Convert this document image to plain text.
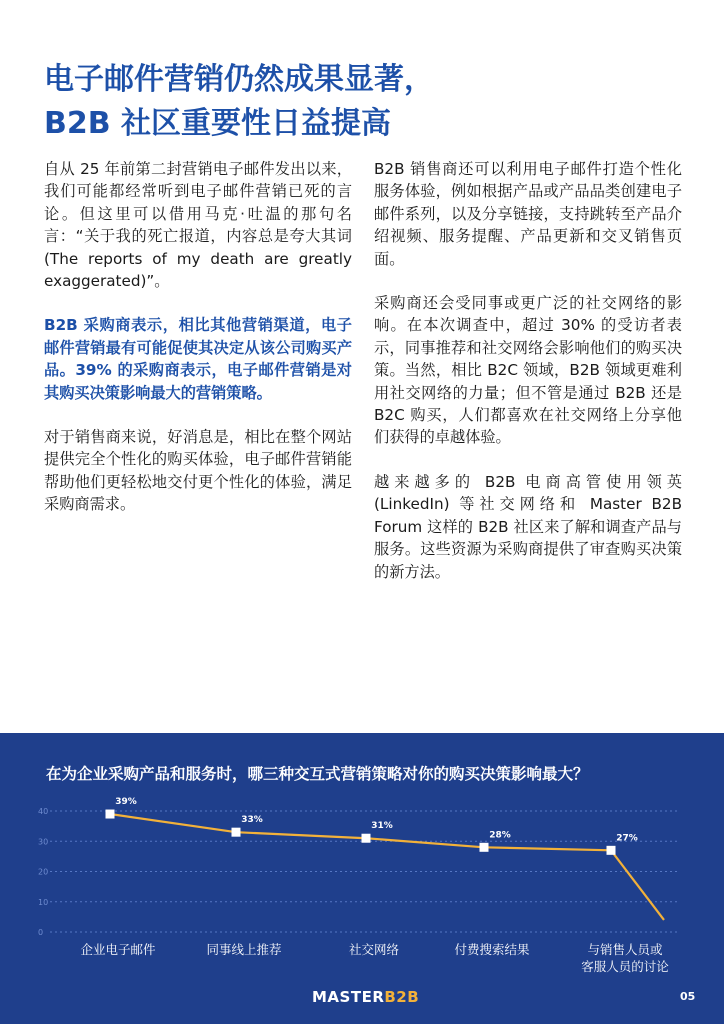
电子邮件营销仍然成果显著，
B2B 社区重要性日益提高

自从 25 年前第二封营销电子邮件发出以来，我们可能都经常听到电子邮件营销已死的言论。但这里可以借用马克·吐温的那句名言：“关于我的死亡报道，内容总是夸大其词 (The reports of my death are greatly exaggerated)”。

B2B 采购商表示，相比其他营销渠道，电子邮件营销最有可能促使其决定从该公司购买产品。39% 的采购商表示，电子邮件营销是对其购买决策影响最大的营销策略。

对于销售商来说，好消息是，相比在整个网站提供完全个性化的购买体验，电子邮件营销能帮助他们更轻松地交付更个性化的体验，满足采购商需求。

B2B 销售商还可以利用电子邮件打造个性化服务体验，例如根据产品或产品品类创建电子邮件系列，以及分享链接，支持跳转至产品介绍视频、服务提醒、产品更新和交叉销售页面。

采购商还会受同事或更广泛的社交网络的影响。在本次调查中，超过 30% 的受访者表示，同事推荐和社交网络会影响他们的购买决策。当然，相比 B2C 领域，B2B 领域更难利用社交网络的力量；但不管是通过 B2B 还是 B2C 购买，人们都喜欢在社交网络上分享他们获得的卓越体验。

越来越多的 B2B 电商高管使用领英 (LinkedIn) 等社交网络和 Master B2B Forum 这样的 B2B 社区来了解和调查产品与服务。这些资源为采购商提供了审查购买决策的新方法。

在为企业采购产品和服务时，哪三种交互式营销策略对你的购买决策影响最大？
0
10
20
30
40
39%
33%
31%
28%	27%
企业电子邮件	同事线上推荐	社交网络	付费搜索结果	与销售人员或
客服人员的讨论
MASTERB2B	05
